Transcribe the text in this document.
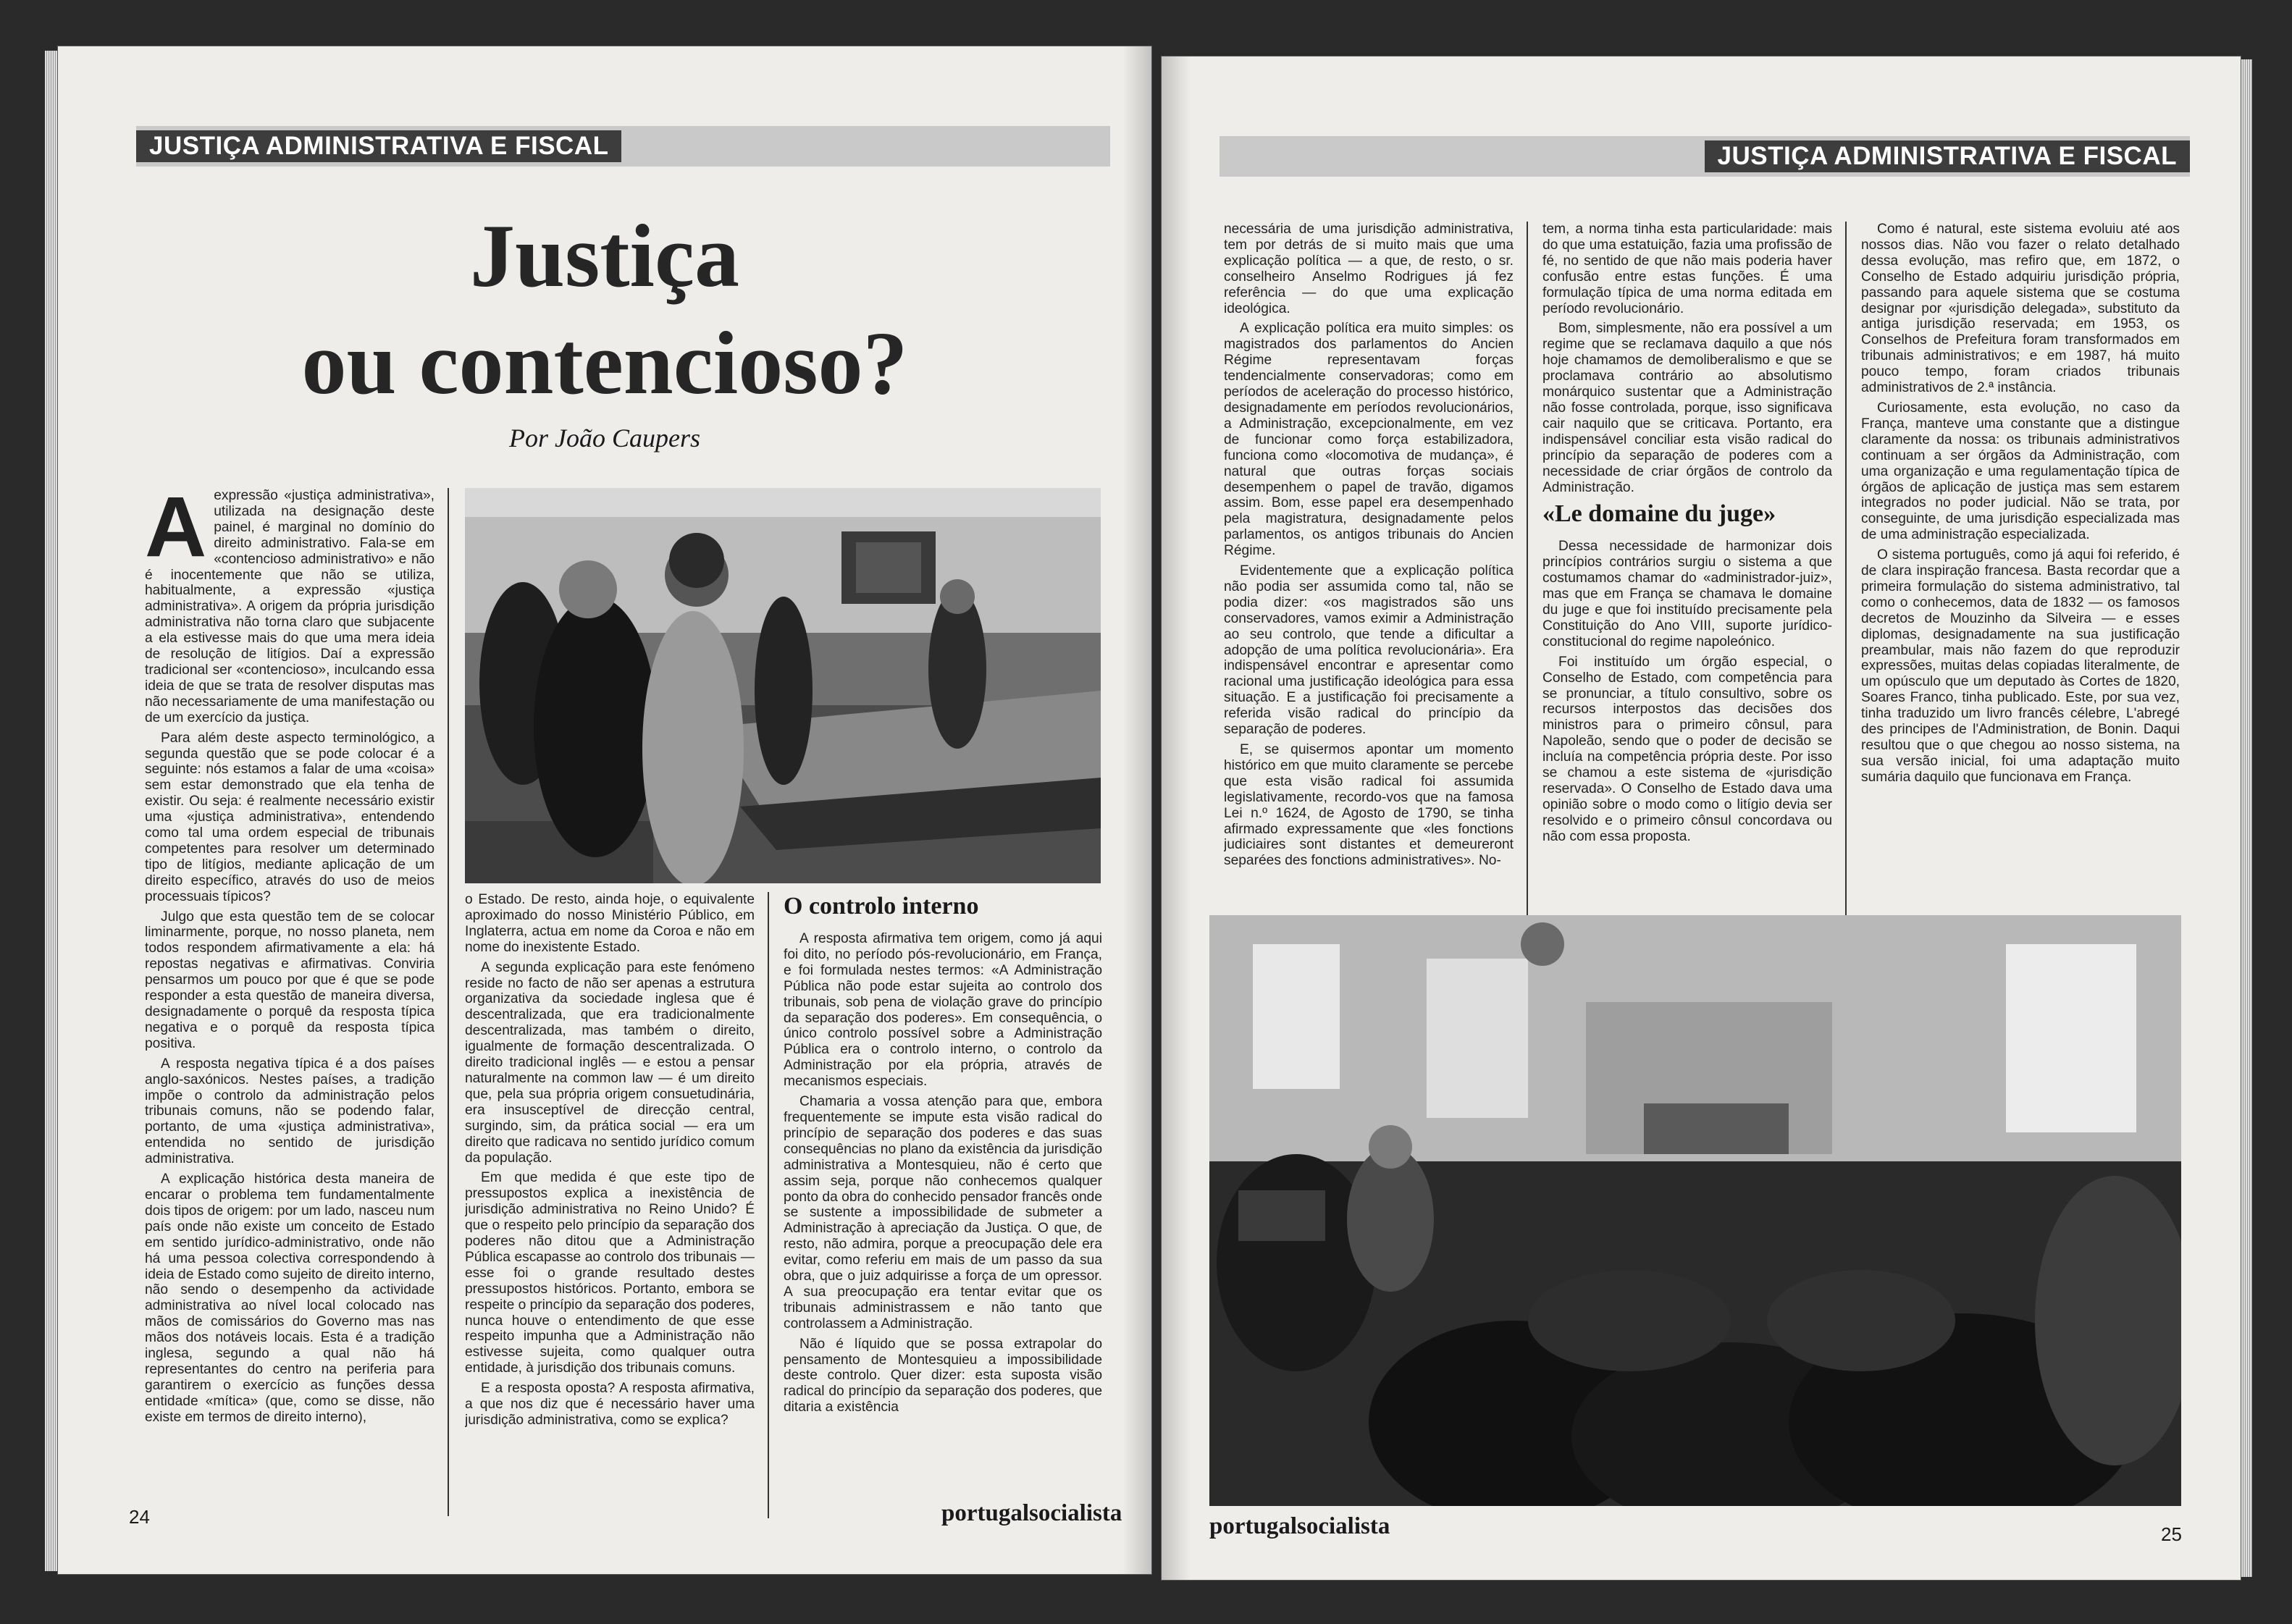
JUSTIÇA ADMINISTRATIVA E FISCAL
Justiça
ou contencioso?
Por João Caupers

Aexpressão «justiça administrativa», utilizada na designação deste painel, é marginal no domínio do direito administrativo. Fala-se em «contencioso administrativo» e não é inocentemente que não se utiliza, habitualmente, a expressão «justiça administrativa». A origem da própria jurisdição administrativa não torna claro que subjacente a ela estivesse mais do que uma mera ideia de resolução de litígios. Daí a expressão tradicional ser «contencioso», inculcando essa ideia de que se trata de resolver disputas mas não necessariamente de uma manifestação ou de um exercício da justiça.

Para além deste aspecto terminológico, a segunda questão que se pode colocar é a seguinte: nós estamos a falar de uma «coisa» sem estar demonstrado que ela tenha de existir. Ou seja: é realmente necessário existir uma «justiça administrativa», entendendo como tal uma ordem especial de tribunais competentes para resolver um determinado tipo de litígios, mediante aplicação de um direito específico, através do uso de meios processuais típicos?

Julgo que esta questão tem de se colocar liminarmente, porque, no nosso planeta, nem todos respondem afirmativamente a ela: há repostas negativas e afirmativas. Conviria pensarmos um pouco por que é que se pode responder a esta questão de maneira diversa, designadamente o porquê da resposta típica negativa e o porquê da resposta típica positiva.

A resposta negativa típica é a dos países anglo-saxónicos. Nestes países, a tradição impõe o controlo da administração pelos tribunais comuns, não se podendo falar, portanto, de uma «justiça administrativa», entendida no sentido de jurisdição administrativa.

A explicação histórica desta maneira de encarar o problema tem fundamentalmente dois tipos de origem: por um lado, nasceu num país onde não existe um conceito de Estado em sentido jurídico-administrativo, onde não há uma pessoa colectiva correspondendo à ideia de Estado como sujeito de direito interno, não sendo o desempenho da actividade administrativa ao nível local colocado nas mãos de comissários do Governo mas nas mãos dos notáveis locais. Esta é a tradição inglesa, segundo a qual não há representantes do centro na periferia para garantirem o exercício as funções dessa entidade «mítica» (que, como se disse, não existe em termos de direito interno),

o Estado. De resto, ainda hoje, o equivalente aproximado do nosso Ministério Público, em Inglaterra, actua em nome da Coroa e não em nome do inexistente Estado.

A segunda explicação para este fenómeno reside no facto de não ser apenas a estrutura organizativa da sociedade inglesa que é descentralizada, que era tradicionalmente descentralizada, mas também o direito, igualmente de formação descentralizada. O direito tradicional inglês — e estou a pensar naturalmente na common law — é um direito que, pela sua própria origem consuetudinária, era insusceptível de direcção central, surgindo, sim, da prática social — era um direito que radicava no sentido jurídico comum da população.

Em que medida é que este tipo de pressupostos explica a inexistência de jurisdição administrativa no Reino Unido? É que o respeito pelo princípio da separação dos poderes não ditou que a Administração Pública escapasse ao controlo dos tribunais — esse foi o grande resultado destes pressupostos históricos. Portanto, embora se respeite o princípio da separação dos poderes, nunca houve o entendimento de que esse respeito impunha que a Administração não estivesse sujeita, como qualquer outra entidade, à jurisdição dos tribunais comuns.

E a resposta oposta? A resposta afirmativa, a que nos diz que é necessário haver uma jurisdição administrativa, como se explica?

O controlo interno

A resposta afirmativa tem origem, como já aqui foi dito, no período pós-revolucionário, em França, e foi formulada nestes termos: «A Administração Pública não pode estar sujeita ao controlo dos tribunais, sob pena de violação grave do princípio da separação dos poderes». Em consequência, o único controlo possível sobre a Administração Pública era o controlo interno, o controlo da Administração por ela própria, através de mecanismos especiais.

Chamaria a vossa atenção para que, embora frequentemente se impute esta visão radical do princípio de separação dos poderes e das suas consequências no plano da existência da jurisdição administrativa a Montesquieu, não é certo que assim seja, porque não conhecemos qualquer ponto da obra do conhecido pensador francês onde se sustente a impossibilidade de submeter a Administração à apreciação da Justiça. O que, de resto, não admira, porque a preocupação dele era evitar, como referiu em mais de um passo da sua obra, que o juiz adquirisse a força de um opressor. A sua preocupação era tentar evitar que os tribunais administrassem e não tanto que controlassem a Administração.

Não é líquido que se possa extrapolar do pensamento de Montesquieu a impossibilidade deste controlo. Quer dizer: esta suposta visão radical do princípio da separação dos poderes, que ditaria a existência

24	portugalsocialista
JUSTIÇA ADMINISTRATIVA E FISCAL

necessária de uma jurisdição administrativa, tem por detrás de si muito mais que uma explicação política — a que, de resto, o sr. conselheiro Anselmo Rodrigues já fez referência — do que uma explicação ideológica.

A explicação política era muito simples: os magistrados dos parlamentos do Ancien Régime representavam forças tendencialmente conservadoras; como em períodos de aceleração do processo histórico, designadamente em períodos revolucionários, a Administração, excepcionalmente, em vez de funcionar como força estabilizadora, funciona como «locomotiva de mudança», é natural que outras forças sociais desempenhem o papel de travão, digamos assim. Bom, esse papel era desempenhado pela magistratura, designadamente pelos parlamentos, os antigos tribunais do Ancien Régime.

Evidentemente que a explicação política não podia ser assumida como tal, não se podia dizer: «os magistrados são uns conservadores, vamos eximir a Administração ao seu controlo, que tende a dificultar a adopção de uma política revolucionária». Era indispensável encontrar e apresentar como racional uma justificação ideológica para essa situação. E a justificação foi precisamente a referida visão radical do princípio da separação de poderes.

E, se quisermos apontar um momento histórico em que muito claramente se percebe que esta visão radical foi assumida legislativamente, recordo-vos que na famosa Lei n.º 1624, de Agosto de 1790, se tinha afirmado expressamente que «les fonctions judiciaires sont distantes et demeureront separées des fonctions administratives». No-

tem, a norma tinha esta particularidade: mais do que uma estatuição, fazia uma profissão de fé, no sentido de que não mais poderia haver confusão entre estas funções. É uma formulação típica de uma norma editada em período revolucionário.

Bom, simplesmente, não era possível a um regime que se reclamava daquilo a que nós hoje chamamos de demoliberalismo e que se proclamava contrário ao absolutismo monárquico sustentar que a Administração não fosse controlada, porque, isso significava cair naquilo que se criticava. Portanto, era indispensável conciliar esta visão radical do princípio da separação de poderes com a necessidade de criar órgãos de controlo da Administração.

«Le domaine du juge»

Dessa necessidade de harmonizar dois princípios contrários surgiu o sistema a que costumamos chamar do «administrador-juiz», mas que em França se chamava le domaine du juge e que foi instituído precisamente pela Constituição do Ano VIII, suporte jurídico-constitucional do regime napoleónico.

Foi instituído um órgão especial, o Conselho de Estado, com competência para se pronunciar, a título consultivo, sobre os recursos interpostos das decisões dos ministros para o primeiro cônsul, para Napoleão, sendo que o poder de decisão se incluía na competência própria deste. Por isso se chamou a este sistema de «jurisdição reservada». O Conselho de Estado dava uma opinião sobre o modo como o litígio devia ser resolvido e o primeiro cônsul concordava ou não com essa proposta.

Como é natural, este sistema evoluiu até aos nossos dias. Não vou fazer o relato detalhado dessa evolução, mas refiro que, em 1872, o Conselho de Estado adquiriu jurisdição própria, passando para aquele sistema que se costuma designar por «jurisdição delegada», substituto da antiga jurisdição reservada; em 1953, os Conselhos de Prefeitura foram transformados em tribunais administrativos; e em 1987, há muito pouco tempo, foram criados tribunais administrativos de 2.ª instância.

Curiosamente, esta evolução, no caso da França, manteve uma constante que a distingue claramente da nossa: os tribunais administrativos continuam a ser órgãos da Administração, com uma organização e uma regulamentação típica de órgãos de aplicação de justiça mas sem estarem integrados no poder judicial. Não se trata, por conseguinte, de uma jurisdição especializada mas de uma administração especializada.

O sistema português, como já aqui foi referido, é de clara inspiração francesa. Basta recordar que a primeira formulação do sistema administrativo, tal como o conhecemos, data de 1832 — os famosos decretos de Mouzinho da Silveira — e esses diplomas, designadamente na sua justificação preambular, mais não fazem do que reproduzir expressões, muitas delas copiadas literalmente, de um opúsculo que um deputado às Cortes de 1820, Soares Franco, tinha publicado. Este, por sua vez, tinha traduzido um livro francês célebre, L'abregé des principes de l'Administration, de Bonin. Daqui resultou que o que chegou ao nosso sistema, na sua versão inicial, foi uma adaptação muito sumária daquilo que funcionava em França.

portugalsocialista	25
